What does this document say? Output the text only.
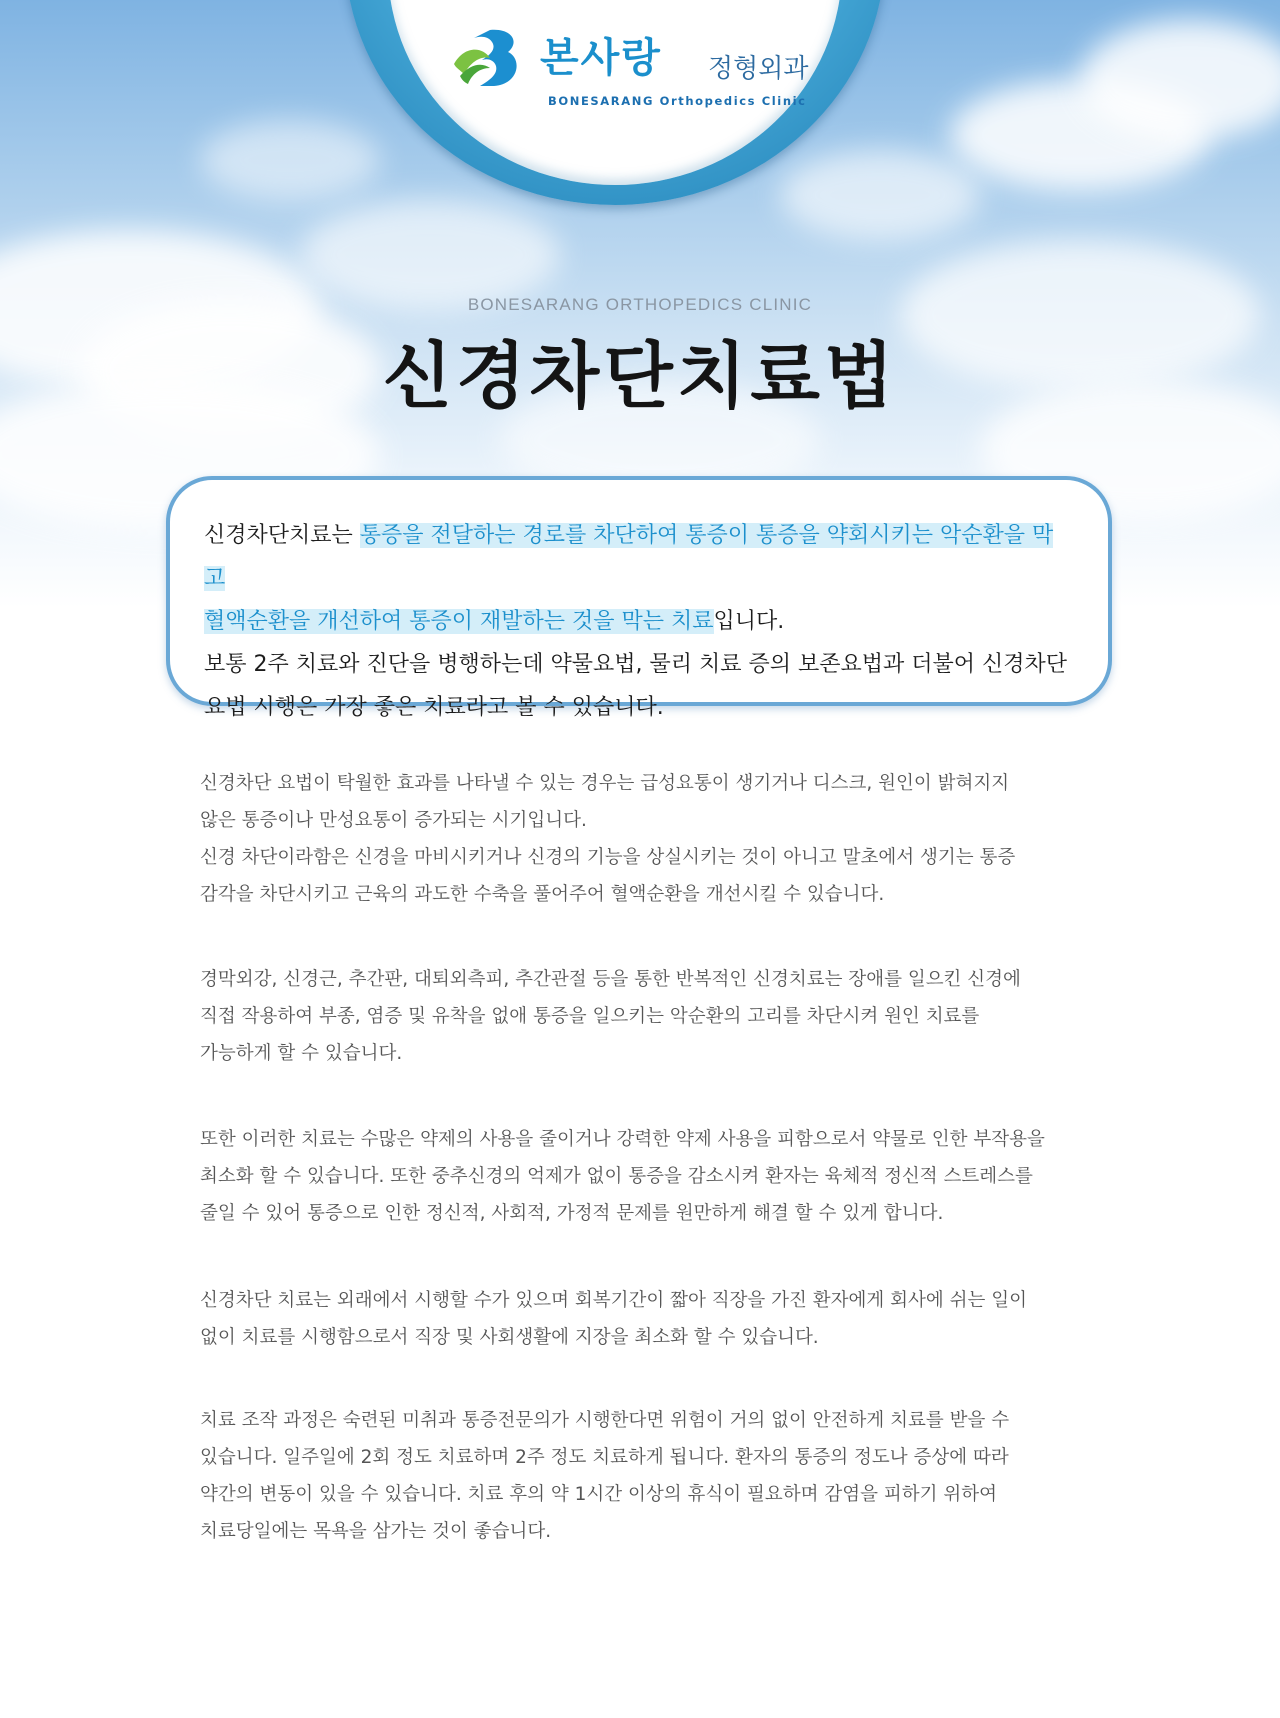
본사랑 정형외과
BONESARANG Orthopedics Clinic
BONESARANG ORTHOPEDICS CLINIC
신경차단치료법
신경차단치료는 통증을 전달하는 경로를 차단하여 통증이 통증을 약회시키는 악순환을 막고
혈액순환을 개선하여 통증이 재발하는 것을 막는 치료입니다.
보통 2주 치료와 진단을 병행하는데 약물요법, 물리 치료 증의 보존요법과 더불어 신경차단
요법 시행은 가장 좋은 치료라고 볼 수 있습니다.
신경차단 요법이 탁월한 효과를 나타낼 수 있는 경우는 급성요통이 생기거나 디스크, 원인이 밝혀지지
않은 통증이나 만성요통이 증가되는 시기입니다.
신경 차단이라함은 신경을 마비시키거나 신경의 기능을 상실시키는 것이 아니고 말초에서 생기는 통증
감각을 차단시키고 근육의 과도한 수축을 풀어주어 혈액순환을 개선시킬 수 있습니다.
경막외강, 신경근, 추간판, 대퇴외측피, 추간관절 등을 통한 반복적인 신경치료는 장애를 일으킨 신경에
직접 작용하여 부종, 염증 및 유착을 없애 통증을 일으키는 악순환의 고리를 차단시켜 원인 치료를
가능하게 할 수 있습니다.
또한 이러한 치료는 수많은 약제의 사용을 줄이거나 강력한 약제 사용을 피함으로서 약물로 인한 부작용을
최소화 할 수 있습니다. 또한 중추신경의 억제가 없이 통증을 감소시켜 환자는 육체적 정신적 스트레스를
줄일 수 있어 통증으로 인한 정신적, 사회적, 가정적 문제를 원만하게 해결 할 수 있게 합니다.
신경차단 치료는 외래에서 시행할 수가 있으며 회복기간이 짧아 직장을 가진 환자에게 회사에 쉬는 일이
없이 치료를 시행함으로서 직장 및 사회생활에 지장을 최소화 할 수 있습니다.
치료 조작 과정은 숙련된 미취과 통증전문의가 시행한다면 위험이 거의 없이 안전하게 치료를 받을 수
있습니다. 일주일에 2회 정도 치료하며 2주 정도 치료하게 됩니다. 환자의 통증의 정도나 증상에 따라
약간의 변동이 있을 수 있습니다. 치료 후의 약 1시간 이상의 휴식이 필요하며 감염을 피하기 위하여
치료당일에는 목욕을 삼가는 것이 좋습니다.
